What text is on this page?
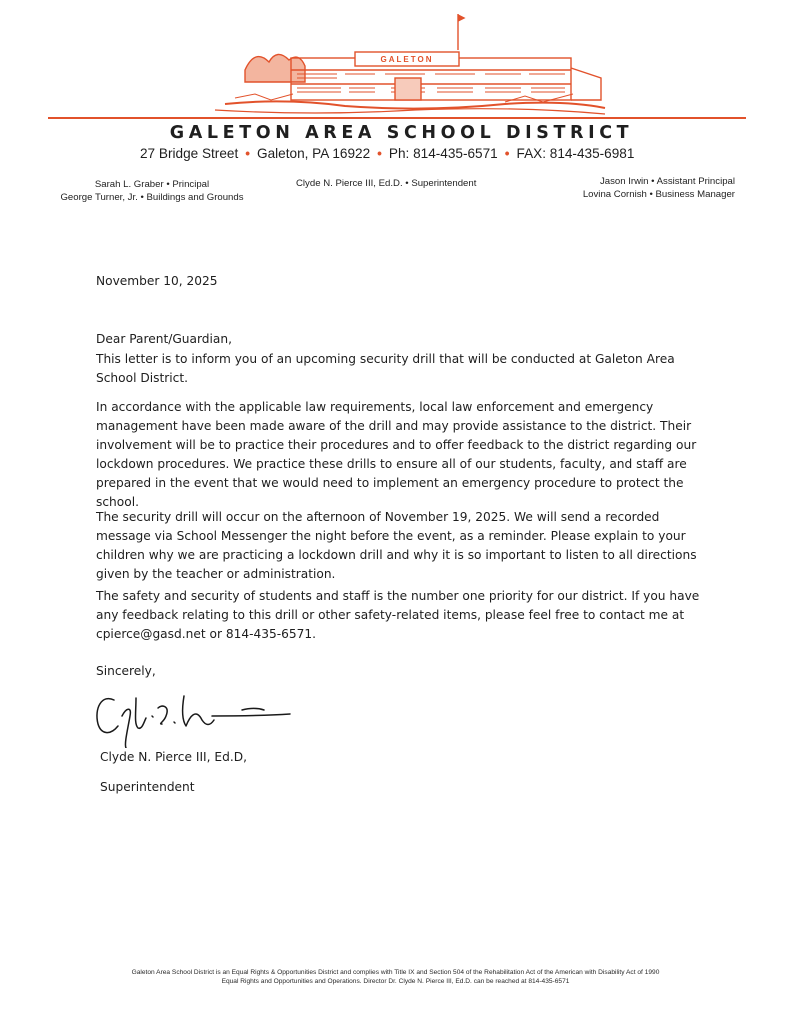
GALETON
GALETON AREA SCHOOL DISTRICT
27 Bridge Street • Galeton, PA 16922 • Ph: 814-435-6571 • FAX: 814-435-6981
Sarah L. Graber • Principal
George Turner, Jr. • Buildings and Grounds
Clyde N. Pierce III, Ed.D. • Superintendent	Jason Irwin • Assistant Principal
Lovina Cornish • Business Manager

November 10, 2025

Dear Parent/Guardian,

This letter is to inform you of an upcoming security drill that will be conducted at Galeton Area School District.

In accordance with the applicable law requirements, local law enforcement and emergency management have been made aware of the drill and may provide assistance to the district. Their involvement will be to practice their procedures and to offer feedback to the district regarding our lockdown procedures. We practice these drills to ensure all of our students, faculty, and staff are prepared in the event that we would need to implement an emergency procedure to protect the school.

The security drill will occur on the afternoon of November 19, 2025. We will send a recorded message via School Messenger the night before the event, as a reminder. Please explain to your children why we are practicing a lockdown drill and why it is so important to listen to all directions given by the teacher or administration.

The safety and security of students and staff is the number one priority for our district. If you have any feedback relating to this drill or other safety-related items, please feel free to contact me at cpierce@gasd.net or 814-435-6571.

Sincerely,

Clyde N. Pierce III, Ed.D,

Superintendent

Galeton Area School District is an Equal Rights & Opportunities District and complies with Title IX and Section 504 of the Rehabilitation Act of the American with Disability Act of 1990
Equal Rights and Opportunities and Operations. Director Dr. Clyde N. Pierce III, Ed.D. can be reached at 814-435-6571
